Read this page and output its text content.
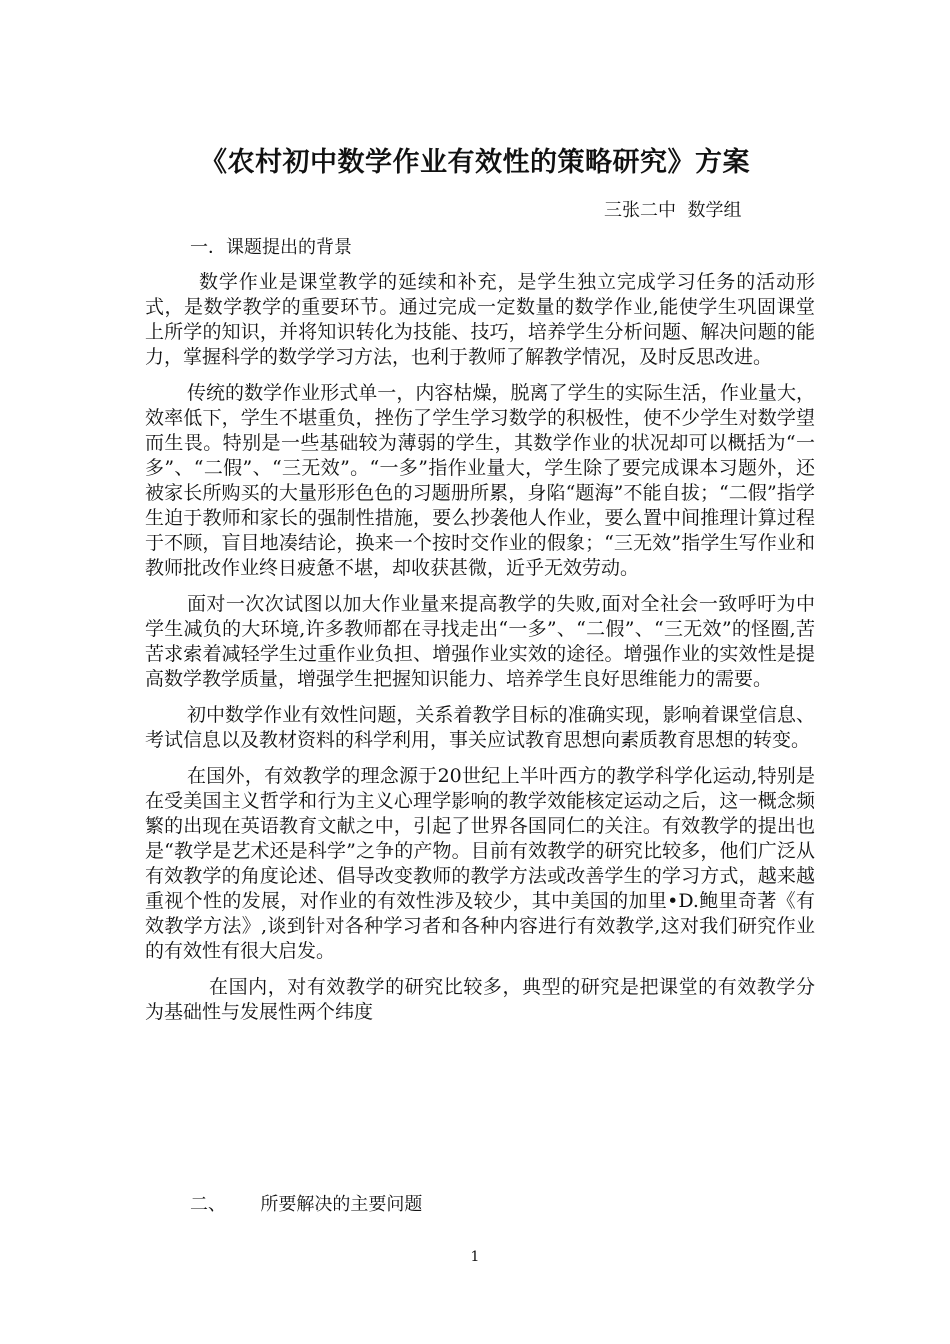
《农村初中数学作业有效性的策略研究》方案
三张二中  数学组
一．课题提出的背景

数学作业是课堂教学的延续和补充，是学生独立完成学习任务的活动形式，是数学教学的重要环节。通过完成一定数量的数学作业,能使学生巩固课堂上所学的知识，并将知识转化为技能、技巧，培养学生分析问题、解决问题的能力，掌握科学的数学学习方法，也利于教师了解教学情况，及时反思改进。

传统的数学作业形式单一，内容枯燥，脱离了学生的实际生活，作业量大，效率低下，学生不堪重负，挫伤了学生学习数学的积极性，使不少学生对数学望而生畏。特别是一些基础较为薄弱的学生，其数学作业的状况却可以概括为“一多”、“二假”、“三无效”。“一多”指作业量大，学生除了要完成课本习题外，还被家长所购买的大量形形色色的习题册所累，身陷“题海”不能自拔；“二假”指学生迫于教师和家长的强制性措施，要么抄袭他人作业，要么置中间推理计算过程于不顾，盲目地凑结论，换来一个按时交作业的假象；“三无效”指学生写作业和教师批改作业终日疲惫不堪，却收获甚微，近乎无效劳动。

面对一次次试图以加大作业量来提高教学的失败,面对全社会一致呼吁为中学生减负的大环境,许多教师都在寻找走出“一多”、“二假”、“三无效”的怪圈,苦苦求索着减轻学生过重作业负担、增强作业实效的途径。增强作业的实效性是提高数学教学质量，增强学生把握知识能力、培养学生良好思维能力的需要。

初中数学作业有效性问题，关系着教学目标的准确实现，影响着课堂信息、考试信息以及教材资料的科学利用，事关应试教育思想向素质教育思想的转变。

在国外，有效教学的理念源于20世纪上半叶西方的教学科学化运动,特别是在受美国主义哲学和行为主义心理学影响的教学效能核定运动之后，这一概念频繁的出现在英语教育文献之中，引起了世界各国同仁的关注。有效教学的提出也是“教学是艺术还是科学”之争的产物。目前有效教学的研究比较多，他们广泛从有效教学的角度论述、倡导改变教师的教学方法或改善学生的学习方式，越来越重视个性的发展，对作业的有效性涉及较少，其中美国的加里•D.鲍里奇著《有效教学方法》,谈到针对各种学习者和各种内容进行有效教学,这对我们研究作业的有效性有很大启发。

在国内，对有效教学的研究比较多，典型的研究是把课堂的有效教学分为基础性与发展性两个纬度

二、      所要解决的主要问题
1
